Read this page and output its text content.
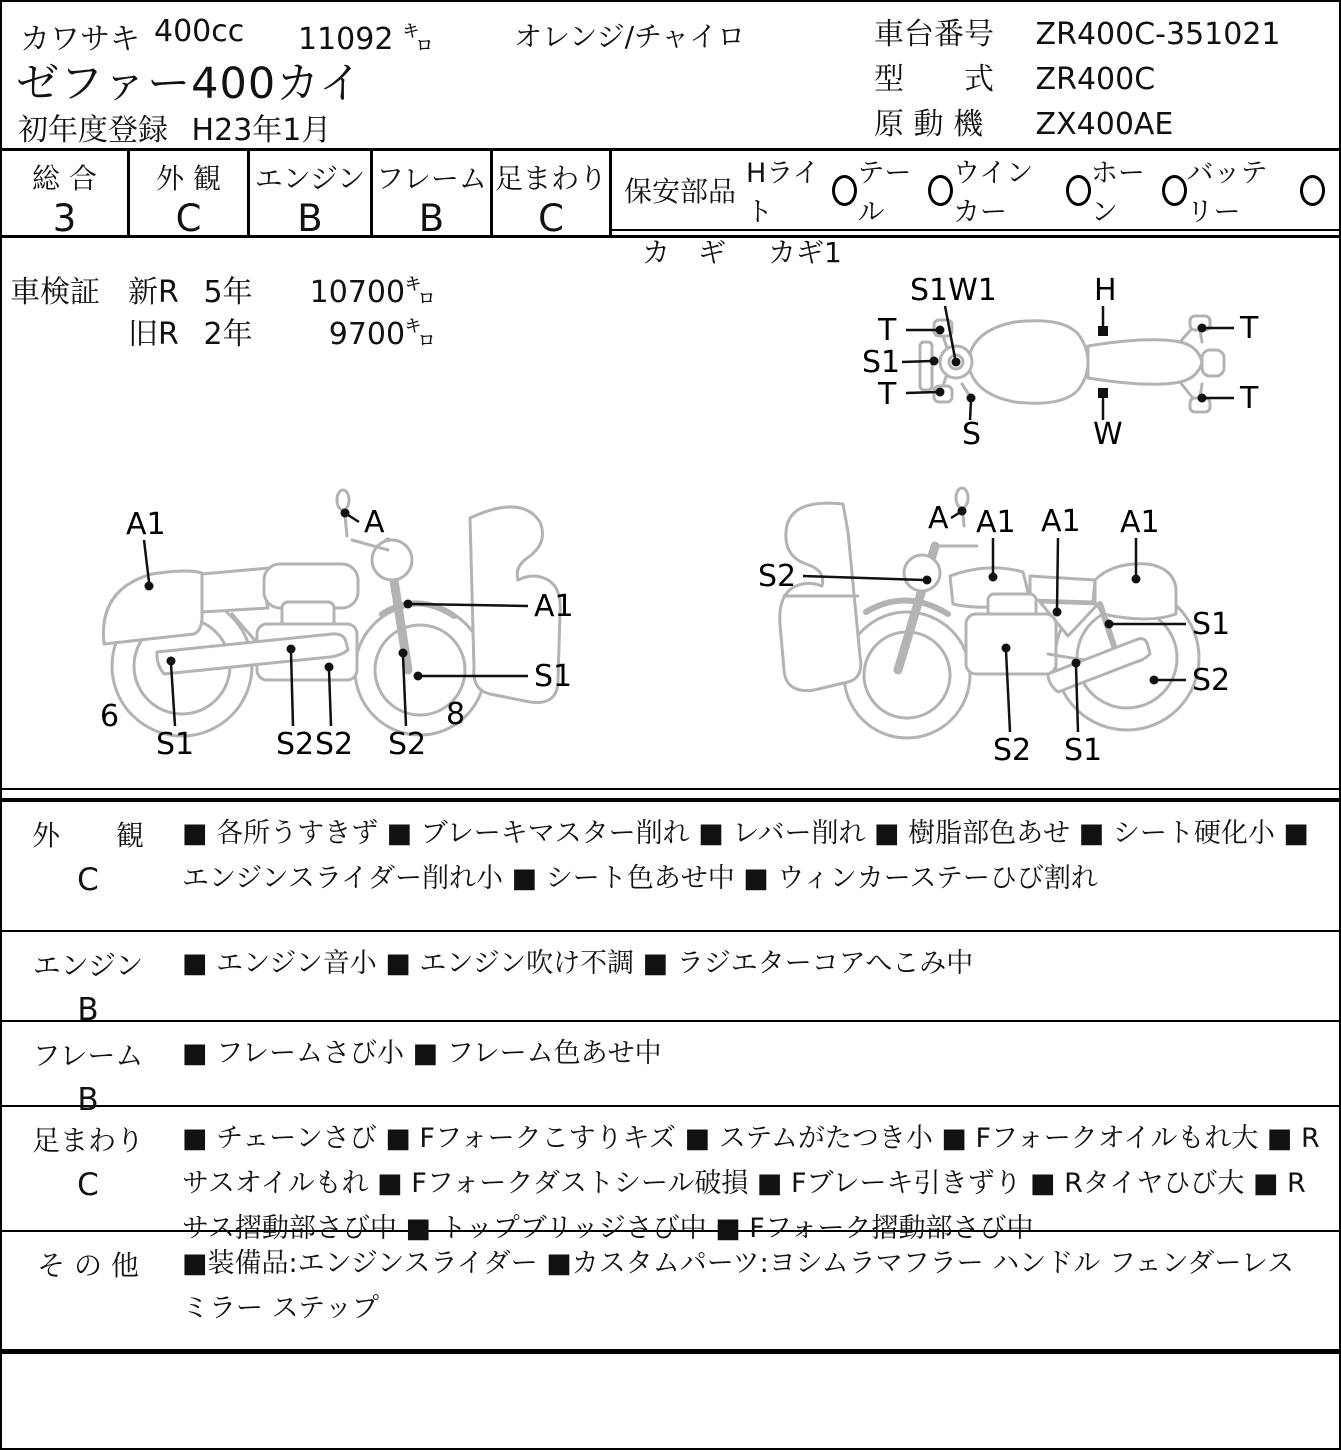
カワサキ 400cc 11092 ㌔	オレンジ/チャイロ
ゼファー400カイ
初年度登録 H23年1月
車台番号 ZR400C-351021
型　　式 ZR400C
原 動 機 ZX400AE
総 合
3
外 観
C
エンジン
B
フレーム
B
足まわり
C
保安部品
Hライト
テール
ウインカー
ホーン
バッテリー
カ　ギ カギ1
車検証 新R 5年 10700㌔
旧R 2年	9700㌔
S1W1
T
S1
T
S
H
W
T
T
A1	A
A1
S1
6
S1	S2 S2 S2
8
S2
A A1 A1 A1
S1
S2
S2 S1
外　　観
C
■ 各所うすきず ■ ブレーキマスター削れ ■ レバー削れ ■ 樹脂部色あせ ■ シート硬化小 ■ エンジンスライダー削れ小 ■ シート色あせ中 ■ ウィンカーステーひび割れ
エンジン
B
■ エンジン音小 ■ エンジン吹け不調 ■ ラジエターコアへこみ中
フレーム
B
■ フレームさび小 ■ フレーム色あせ中
足まわり
C
■ チェーンさび ■ Fフォークこすりキズ ■ ステムがたつき小 ■ Fフォークオイルもれ大 ■ Rサスオイルもれ ■ Fフォークダストシール破損 ■ Fブレーキ引きずり ■ Rタイヤひび大 ■ Rサス摺動部さび中 ■ トップブリッジさび中 ■ Fフォーク摺動部さび中
そ の 他	■装備品:エンジンスライダー ■カスタムパーツ:ヨシムラマフラー ハンドル フェンダーレス ミラー ステップ
